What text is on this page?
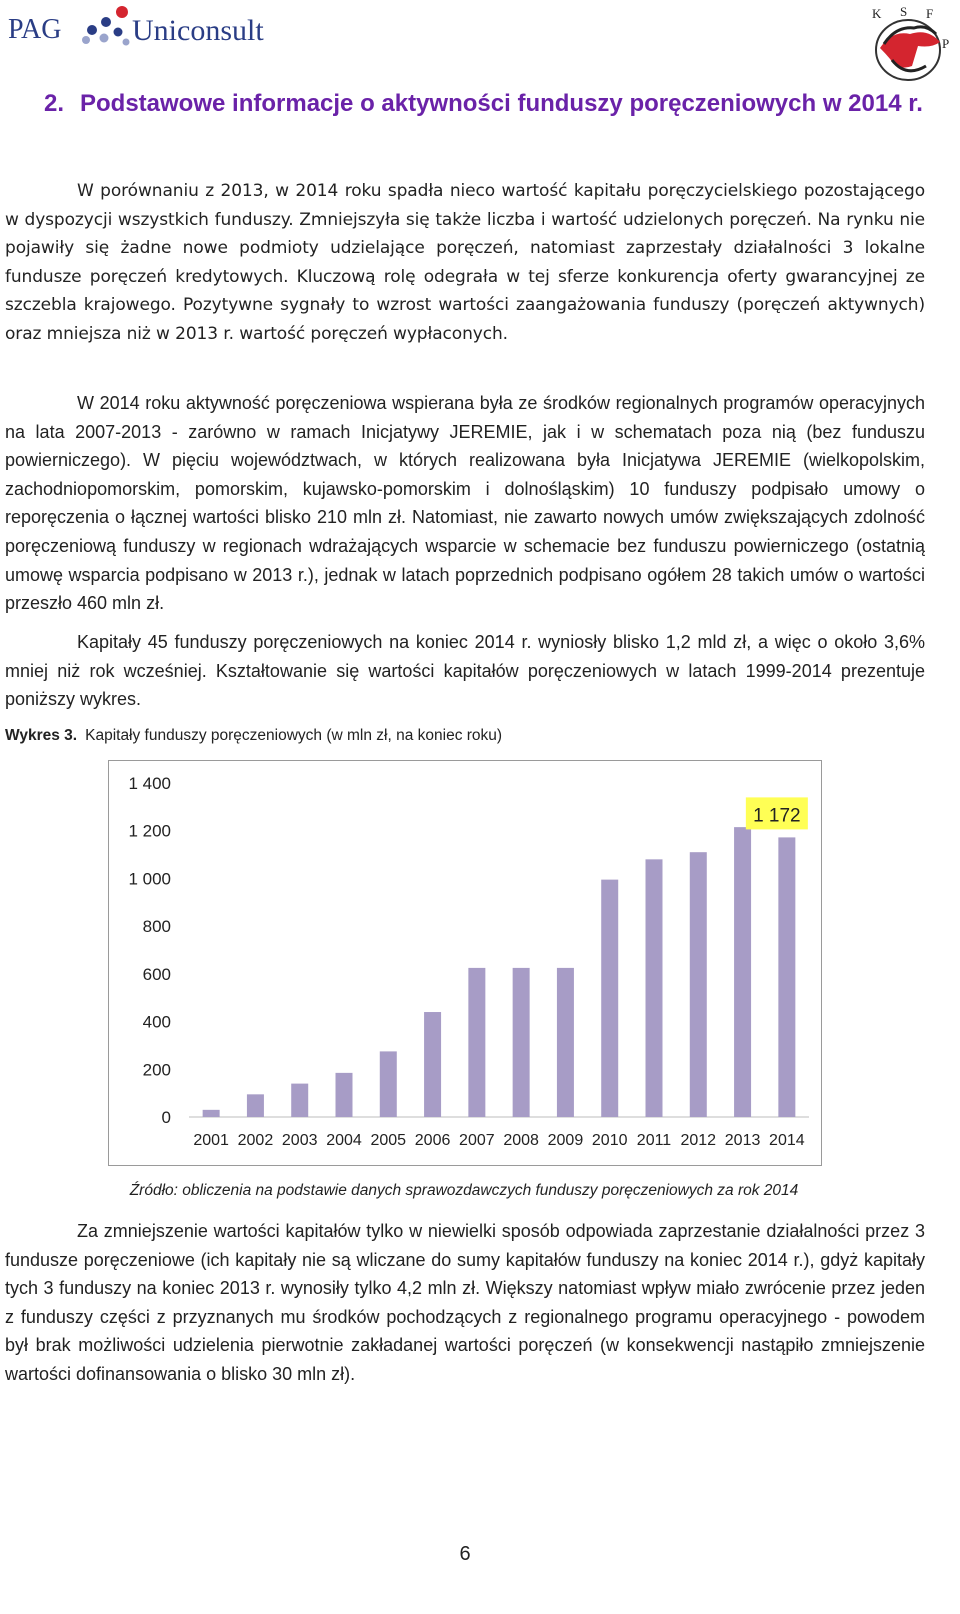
PAG Uniconsult
K S F
P
2. Podstawowe informacje o aktywności funduszy poręczeniowych w 2014 r.

W porównaniu z 2013, w 2014 roku spadła nieco wartość kapitału poręczycielskiego pozostającego w dyspozycji wszystkich funduszy. Zmniejszyła się także liczba i wartość udzielonych poręczeń. Na rynku nie pojawiły się żadne nowe podmioty udzielające poręczeń, natomiast zaprzestały działalności 3 lokalne fundusze poręczeń kredytowych. Kluczową rolę odegrała w tej sferze konkurencja oferty gwarancyjnej ze szczebla krajowego. Pozytywne sygnały to wzrost wartości zaangażowania funduszy (poręczeń aktywnych) oraz mniejsza niż w 2013 r. wartość poręczeń wypłaconych.

W 2014 roku aktywność poręczeniowa wspierana była ze środków regionalnych programów operacyjnych na lata 2007-2013 - zarówno w ramach Inicjatywy JEREMIE, jak i w schematach poza nią (bez funduszu powierniczego). W pięciu województwach, w których realizowana była Inicjatywa JEREMIE (wielkopolskim, zachodniopomorskim, pomorskim, kujawsko-pomorskim i dolnośląskim) 10 funduszy podpisało umowy o reporęczenia o łącznej wartości blisko 210 mln zł. Natomiast, nie zawarto nowych umów zwiększających zdolność poręczeniową funduszy w regionach wdrażających wsparcie w schemacie bez funduszu powierniczego (ostatnią umowę wsparcia podpisano w 2013 r.), jednak w latach poprzednich podpisano ogółem 28 takich umów o wartości przeszło 460 mln zł.

Kapitały 45 funduszy poręczeniowych na koniec 2014 r. wyniosły blisko 1,2 mld zł, a więc o około 3,6% mniej niż rok wcześniej. Kształtowanie się wartości kapitałów poręczeniowych w latach 1999-2014 prezentuje poniższy wykres.

Wykres 3. Kapitały funduszy poręczeniowych (w mln zł, na koniec roku)
0
200
400
600
800
1 000
1 200
1 400
2001 2002 2003 2004 2005 2006 2007 2008 2009 2010 2011 2012 2013 2014
1 172
Źródło: obliczenia na podstawie danych sprawozdawczych funduszy poręczeniowych za rok 2014

Za zmniejszenie wartości kapitałów tylko w niewielki sposób odpowiada zaprzestanie działalności przez 3 fundusze poręczeniowe (ich kapitały nie są wliczane do sumy kapitałów funduszy na koniec 2014 r.), gdyż kapitały tych 3 funduszy na koniec 2013 r. wynosiły tylko 4,2 mln zł. Większy natomiast wpływ miało zwrócenie przez jeden z funduszy części z przyznanych mu środków pochodzących z regionalnego programu operacyjnego - powodem był brak możliwości udzielenia pierwotnie zakładanej wartości poręczeń (w konsekwencji nastąpiło zmniejszenie wartości dofinansowania o blisko 30 mln zł).

6
